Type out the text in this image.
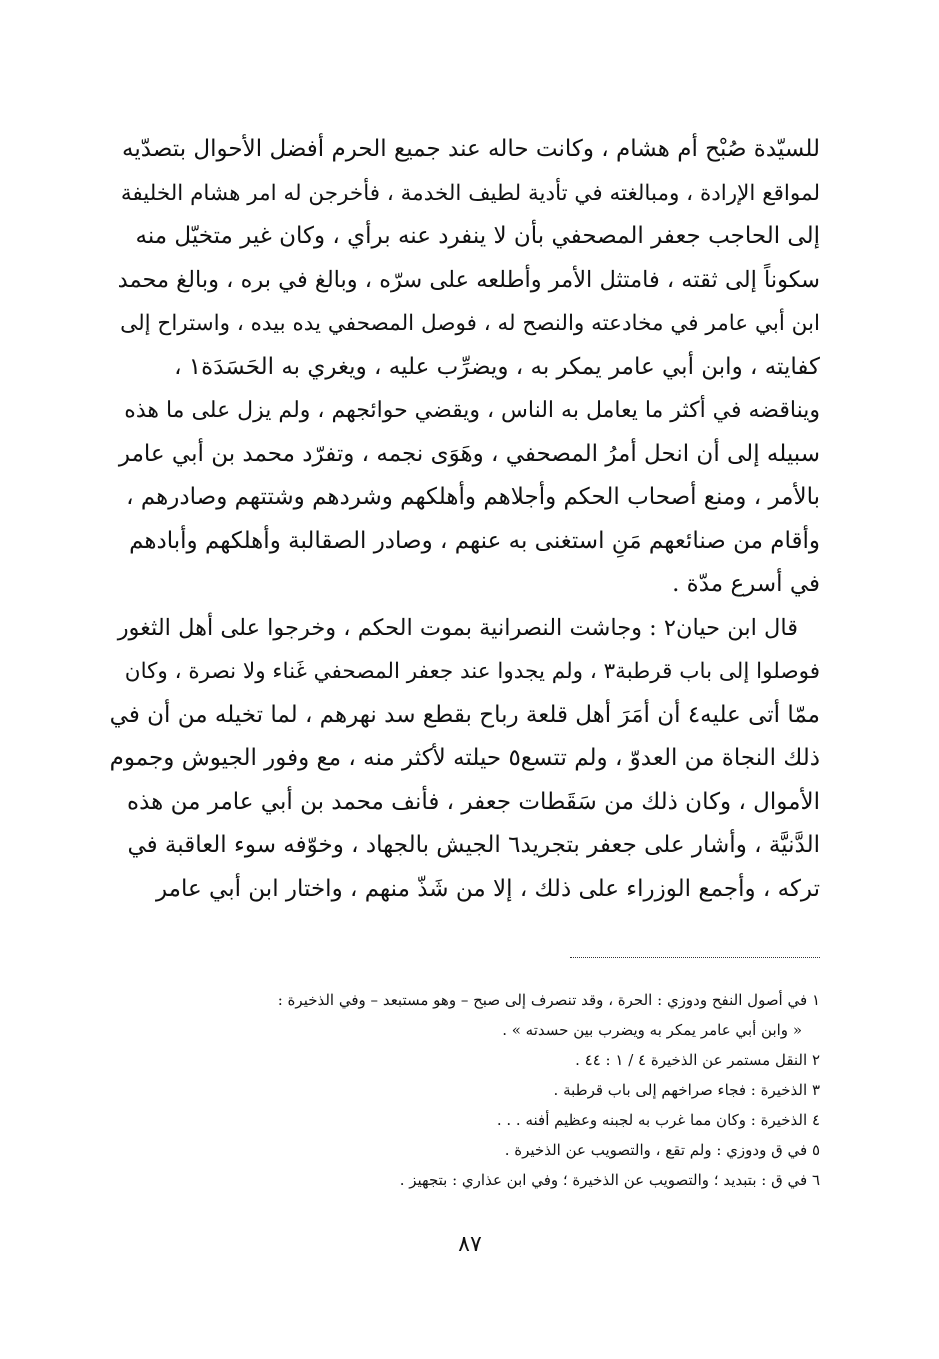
للسيّدة صُبْح أم هشام ، وكانت حاله عند جميع الحرم أفضل الأحوال بتصدّيه
لمواقع الإرادة ، ومبالغته في تأدية لطيف الخدمة ، فأخرجن له امر هشام الخليفة
إلى الحاجب جعفر المصحفي بأن لا ينفرد عنه برأي ، وكان غير متخيّل منه
سكوناً إلى ثقته ، فامتثل الأمر وأطلعه على سرّه ، وبالغ في بره ، وبالغ محمد
ابن أبي عامر في مخادعته والنصح له ، فوصل المصحفي يده بيده ، واستراح إلى
كفايته ، وابن أبي عامر يمكر به ، ويضرِّب عليه ، ويغري به الحَسَدَة١ ،
ويناقضه في أكثر ما يعامل به الناس ، ويقضي حوائجهم ، ولم يزل على ما هذه
سبيله إلى أن انحل أمرُ المصحفي ، وهَوَى نجمه ، وتفرّد محمد بن أبي عامر
بالأمر ، ومنع أصحاب الحكم وأجلاهم وأهلكهم وشردهم وشتتهم وصادرهم ،
وأقام من صنائعهم مَنِ استغنى به عنهم ، وصادر الصقالبة وأهلكهم وأبادهم
في أسرع مدّة .
قال ابن حيان٢ : وجاشت النصرانية بموت الحكم ، وخرجوا على أهل الثغور
فوصلوا إلى باب قرطبة٣ ، ولم يجدوا عند جعفر المصحفي غَناء ولا نصرة ، وكان
ممّا أتى عليه٤ أن أمَرَ أهل قلعة رباح بقطع سد نهرهم ، لما تخيله من أن في
ذلك النجاة من العدوّ ، ولم تتسع٥ حيلته لأكثر منه ، مع وفور الجيوش وجموم
الأموال ، وكان ذلك من سَقَطات جعفر ، فأنف محمد بن أبي عامر من هذه
الدَّنيَّة ، وأشار على جعفر بتجريد٦ الجيش بالجهاد ، وخوّفه سوء العاقبة في
تركه ، وأجمع الوزراء على ذلك ، إلا من شَذّ منهم ، واختار ابن أبي عامر
١ في أصول النفح ودوزي : الحرة ، وقد تنصرف إلى صبح – وهو مستبعد – وفي الذخيرة :
« وابن أبي عامر يمكر به ويضرب بين حسدته » .
٢ النقل مستمر عن الذخيرة ٤ / ١ : ٤٤ .
٣ الذخيرة : فجاء صراخهم إلى باب قرطبة .
٤ الذخيرة : وكان مما غرب به لجبنه وعظيم أفنه . . .
٥ في ق ودوزي : ولم تقع ، والتصويب عن الذخيرة .
٦ في ق : بتبديد ؛ والتصويب عن الذخيرة ؛ وفي ابن عذاري : بتجهيز .
٨٧
